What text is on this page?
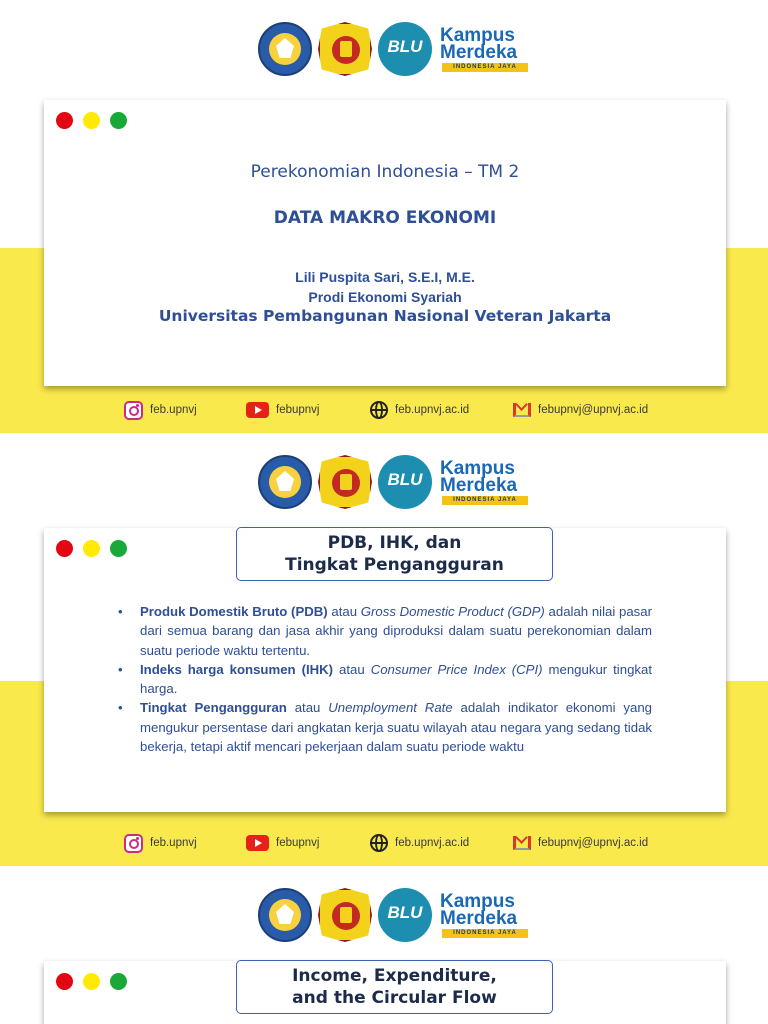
BLU
Kampus
Merdeka
INDONESIA JAYA
Perekonomian Indonesia – TM 2
DATA MAKRO EKONOMI
Lili Puspita Sari, S.E.I, M.E.
Prodi Ekonomi Syariah
Universitas Pembangunan Nasional Veteran Jakarta
feb.upnvj	febupnvj	feb.upnvj.ac.id	febupnvj@upnvj.ac.id
BLU
Kampus
Merdeka
INDONESIA JAYA
PDB, IHK, dan
Tingkat Pengangguran
• Produk Domestik Bruto (PDB) atau Gross Domestic Product (GDP) adalah nilai pasar dari semua barang dan jasa akhir yang diproduksi dalam suatu perekonomian dalam suatu periode waktu tertentu.
• Indeks harga konsumen (IHK) atau Consumer Price Index (CPI) mengukur tingkat harga.
• Tingkat Pengangguran atau Unemployment Rate adalah indikator ekonomi yang mengukur persentase dari angkatan kerja suatu wilayah atau negara yang sedang tidak bekerja, tetapi aktif mencari pekerjaan dalam suatu periode waktu
feb.upnvj	febupnvj	feb.upnvj.ac.id	febupnvj@upnvj.ac.id
BLU
Kampus
Merdeka
INDONESIA JAYA
Income, Expenditure,
and the Circular Flow
